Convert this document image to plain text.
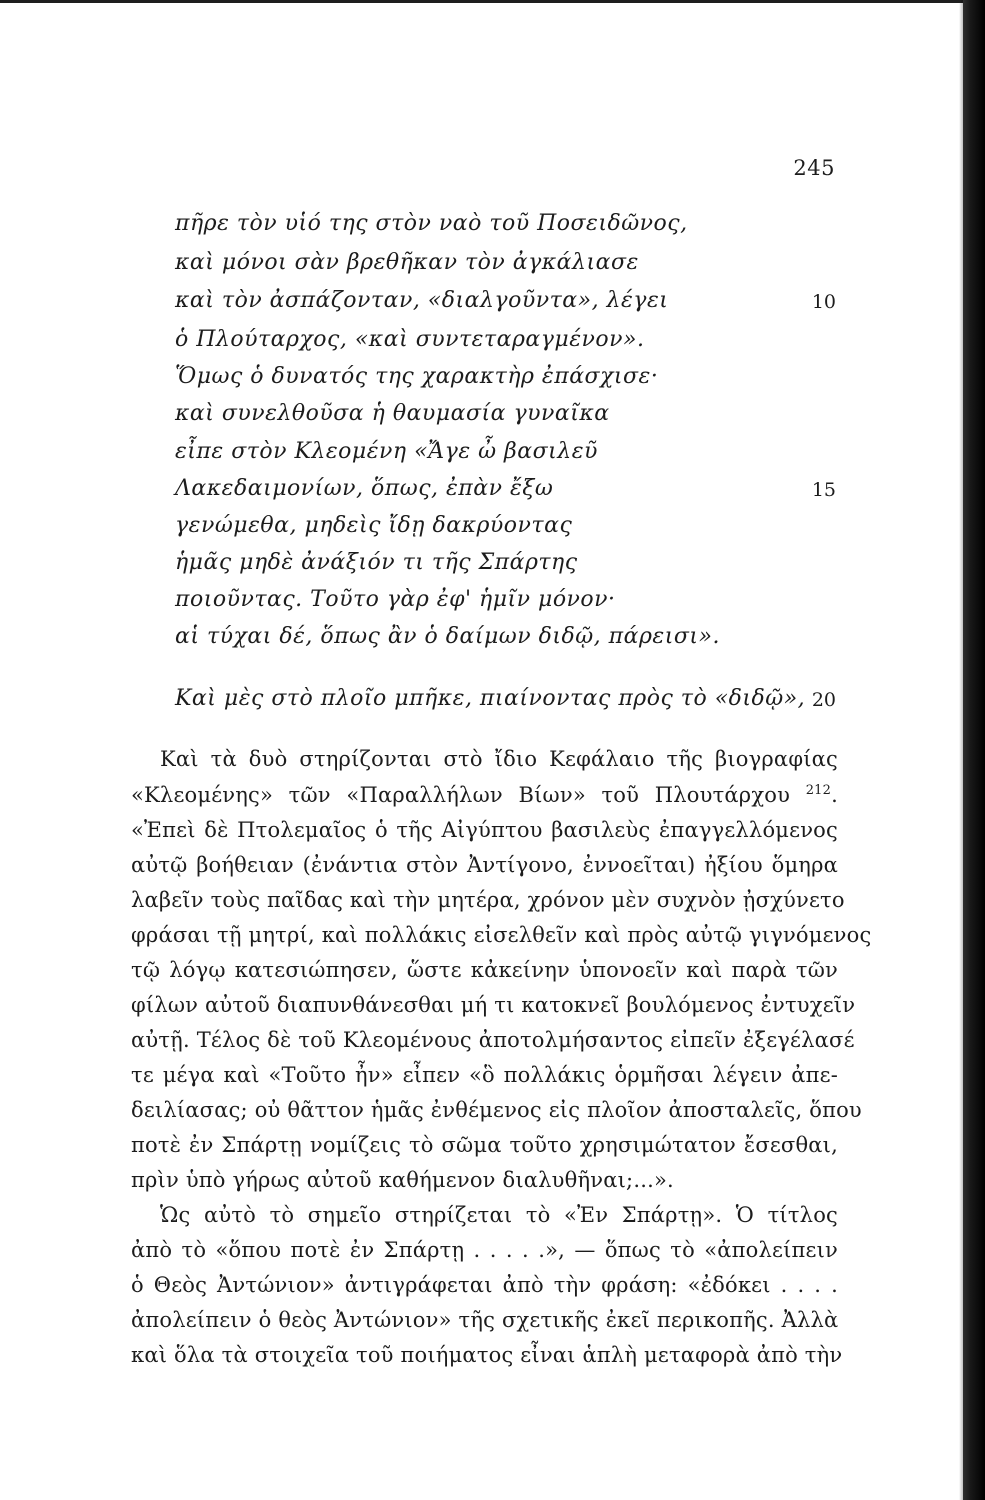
245
πῆρε τὸν υἱό της στὸν ναὸ τοῦ Ποσειδῶνος,
καὶ μόνοι σὰν βρεθῆκαν τὸν ἀγκάλιασε
καὶ τὸν ἀσπάζονταν, «διαλγοῦντα», λέγει	10
ὁ Πλούταρχος, «καὶ συντεταραγμένον».
Ὅμως ὁ δυνατός της χαρακτὴρ ἐπάσχισε·
καὶ συνελθοῦσα ἡ θαυμασία γυναῖκα
εἶπε στὸν Κλεομένη «Ἄγε ὦ βασιλεῦ
Λακεδαιμονίων, ὅπως, ἐπὰν ἔξω	15
γενώμεθα, μηδεὶς ἴδῃ δακρύοντας
ἡμᾶς μηδὲ ἀνάξιόν τι τῆς Σπάρτης
ποιοῦντας. Τοῦτο γὰρ ἐφ' ἡμῖν μόνον·
αἱ τύχαι δέ, ὅπως ἂν ὁ δαίμων διδῷ, πάρεισι».
Καὶ μὲς στὸ πλοῖο μπῆκε, πιαίνοντας πρὸς τὸ «διδῷ», 20
Καὶ τὰ δυὸ στηρίζονται στὸ ἴδιο Κεφάλαιο τῆς βιογραφίας
«Κλεομένης» τῶν «Παραλλήλων Βίων» τοῦ Πλουτάρχου $^{212}$.
«Ἐπεὶ δὲ Πτολεμαῖος ὁ τῆς Αἰγύπτου βασιλεὺς ἐπαγγελλόμενος
αὐτῷ βοήθειαν (ἐνάντια στὸν Ἀντίγονο, ἐννοεῖται) ἠξίου ὅμηρα
λαβεῖν τοὺς παῖδας καὶ τὴν μητέρα, χρόνον μὲν συχνὸν ᾐσχύνετο
φράσαι τῇ μητρί, καὶ πολλάκις εἰσελθεῖν καὶ πρὸς αὐτῷ γιγνόμενος
τῷ λόγῳ κατεσιώπησεν, ὥστε κἀκείνην ὑπονοεῖν καὶ παρὰ τῶν
φίλων αὐτοῦ διαπυνθάνεσθαι μή τι κατοκνεῖ βουλόμενος ἐντυχεῖν
αὐτῇ. Τέλος δὲ τοῦ Κλεομένους ἀποτολμήσαντος εἰπεῖν ἐξεγέλασέ
τε μέγα καὶ «Τοῦτο ἦν» εἶπεν «ὃ πολλάκις ὁρμῆσαι λέγειν ἀπε-
δειλίασας; οὐ θᾶττον ἡμᾶς ἐνθέμενος εἰς πλοῖον ἀποσταλεῖς, ὅπου
ποτὲ ἐν Σπάρτῃ νομίζεις τὸ σῶμα τοῦτο χρησιμώτατον ἔσεσθαι,
πρὶν ὑπὸ γήρως αὐτοῦ καθήμενον διαλυθῆναι;...».
Ὡς αὐτὸ τὸ σημεῖο στηρίζεται τὸ «Ἐν Σπάρτῃ». Ὁ τίτλος
ἀπὸ τὸ «ὅπου ποτὲ ἐν Σπάρτῃ . . . . .», — ὅπως τὸ «ἀπολείπειν
ὁ Θεὸς Ἀντώνιον» ἀντιγράφεται ἀπὸ τὴν φράση: «ἐδόκει . . . .
ἀπολείπειν ὁ θεὸς Ἀντώνιον» τῆς σχετικῆς ἐκεῖ περικοπῆς. Ἀλλὰ
καὶ ὅλα τὰ στοιχεῖα τοῦ ποιήματος εἶναι ἁπλὴ μεταφορὰ ἀπὸ τὴν
